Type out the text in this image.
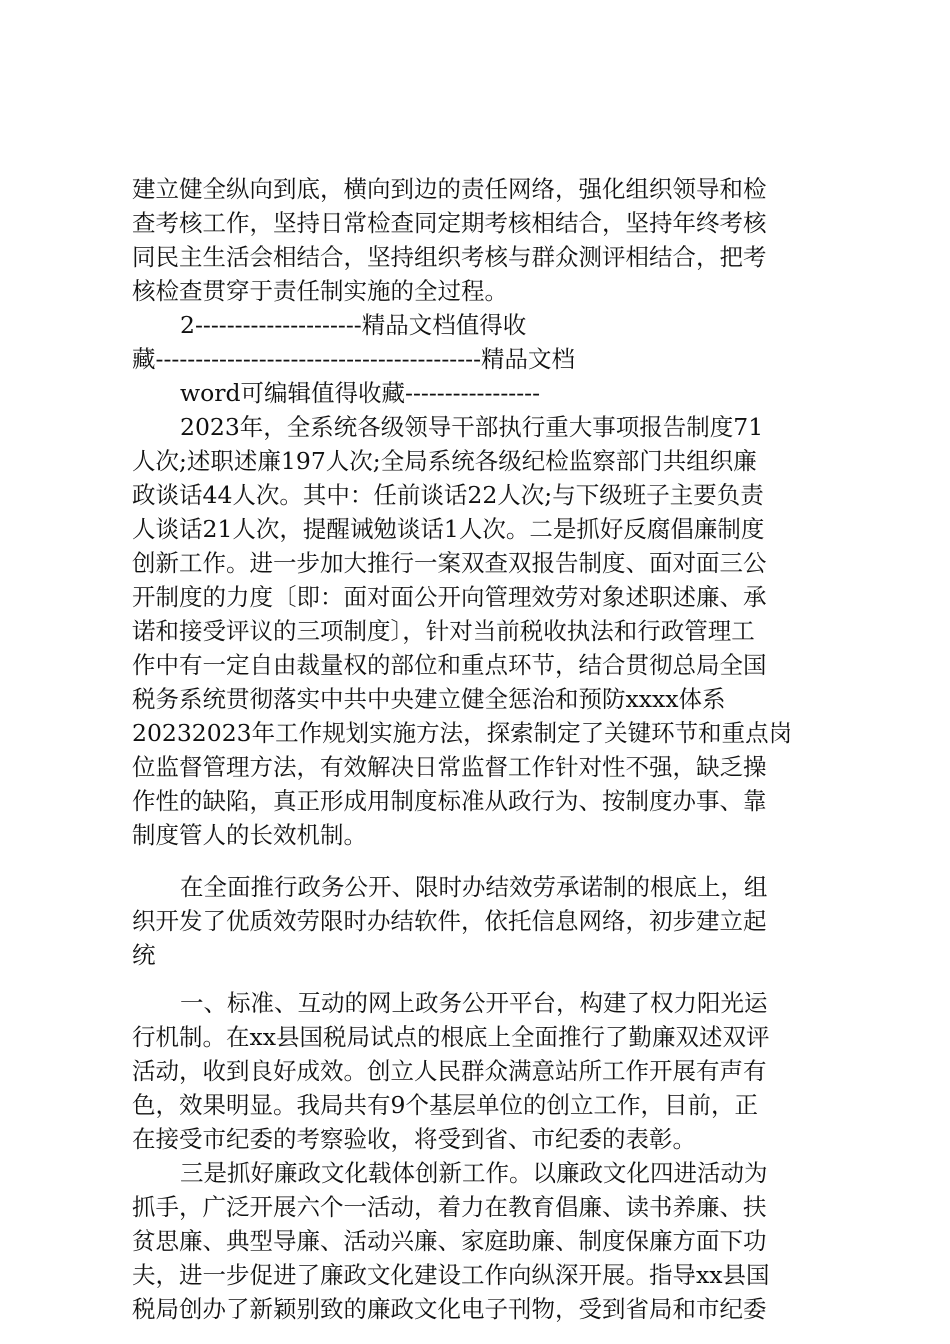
建立健全纵向到底，横向到边的责任网络，强化组织领导和检
查考核工作，坚持日常检查同定期考核相结合，坚持年终考核
同民主生活会相结合，坚持组织考核与群众测评相结合，把考
核检查贯穿于责任制实施的全过程。
2---------------------精品文档值得收
藏-----------------------------------------精品文档
word可编辑值得收藏-----------------
2023年，全系统各级领导干部执行重大事项报告制度71
人次;述职述廉197人次;全局系统各级纪检监察部门共组织廉
政谈话44人次。其中：任前谈话22人次;与下级班子主要负责
人谈话21人次，提醒诫勉谈话1人次。二是抓好反腐倡廉制度
创新工作。进一步加大推行一案双查双报告制度、面对面三公
开制度的力度〔即：面对面公开向管理效劳对象述职述廉、承
诺和接受评议的三项制度〕，针对当前税收执法和行政管理工
作中有一定自由裁量权的部位和重点环节，结合贯彻总局全国
税务系统贯彻落实中共中央建立健全惩治和预防xxxx体系
20232023年工作规划实施方法，探索制定了关键环节和重点岗
位监督管理方法，有效解决日常监督工作针对性不强，缺乏操
作性的缺陷，真正形成用制度标准从政行为、按制度办事、靠
制度管人的长效机制。
在全面推行政务公开、限时办结效劳承诺制的根底上，组
织开发了优质效劳限时办结软件，依托信息网络，初步建立起
统
一、标准、互动的网上政务公开平台，构建了权力阳光运
行机制。在xx县国税局试点的根底上全面推行了勤廉双述双评
活动，收到良好成效。创立人民群众满意站所工作开展有声有
色，效果明显。我局共有9个基层单位的创立工作，目前，正
在接受市纪委的考察验收，将受到省、市纪委的表彰。
三是抓好廉政文化载体创新工作。以廉政文化四进活动为
抓手，广泛开展六个一活动，着力在教育倡廉、读书养廉、扶
贫思廉、典型导廉、活动兴廉、家庭助廉、制度保廉方面下功
夫，进一步促进了廉政文化建设工作向纵深开展。指导xx县国
税局创办了新颖别致的廉政文化电子刊物，受到省局和市纪委
